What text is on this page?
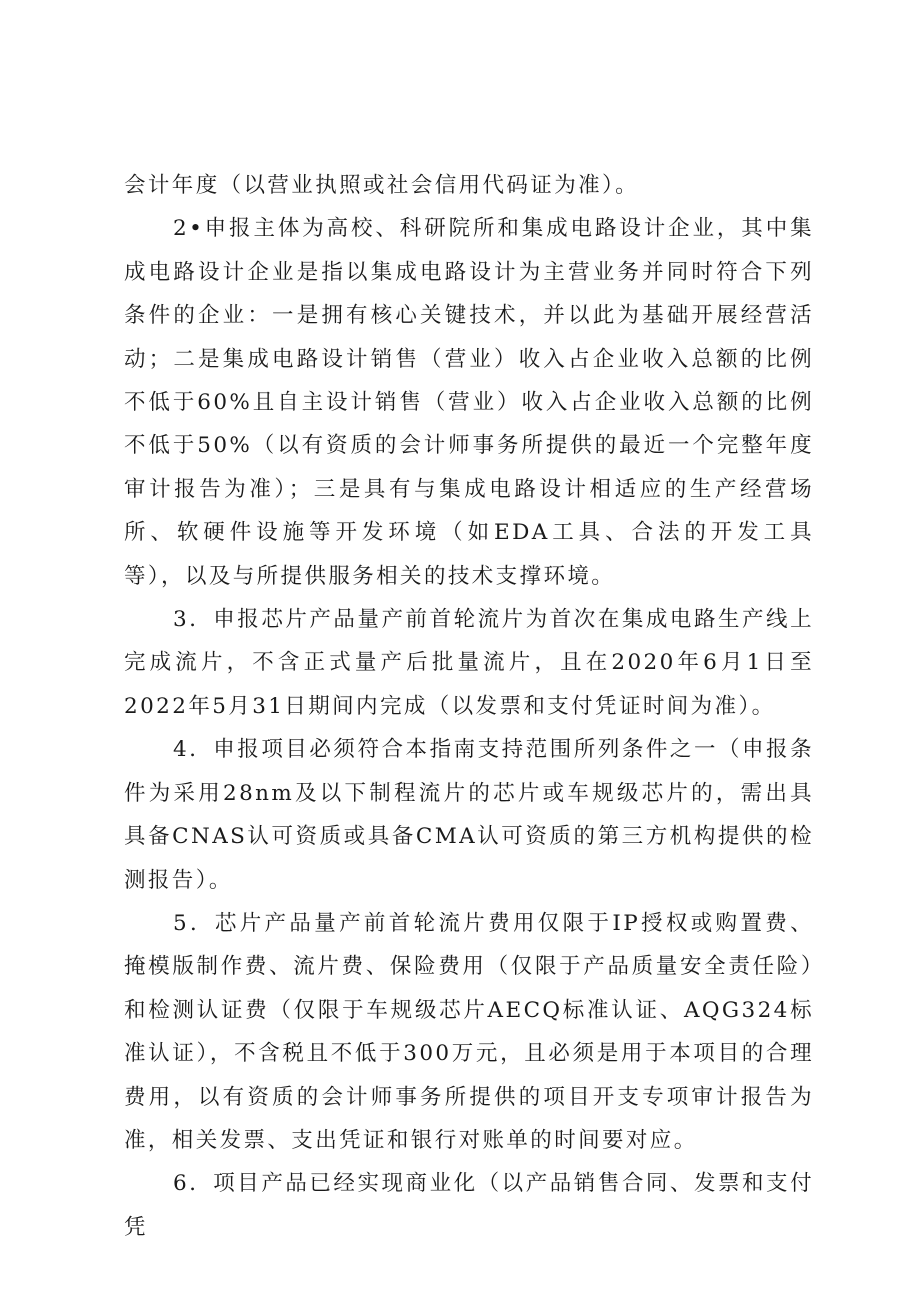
会计年度（以营业执照或社会信用代码证为准）。

2•申报主体为高校、科研院所和集成电路设计企业，其中集成电路设计企业是指以集成电路设计为主营业务并同时符合下列条件的企业：一是拥有核心关键技术，并以此为基础开展经营活动；二是集成电路设计销售（营业）收入占企业收入总额的比例不低于60%且自主设计销售（营业）收入占企业收入总额的比例不低于50%（以有资质的会计师事务所提供的最近一个完整年度审计报告为准）；三是具有与集成电路设计相适应的生产经营场所、软硬件设施等开发环境（如EDA工具、合法的开发工具等），以及与所提供服务相关的技术支撑环境。

3．申报芯片产品量产前首轮流片为首次在集成电路生产线上完成流片，不含正式量产后批量流片，且在2020年6月1日至2022年5月31日期间内完成（以发票和支付凭证时间为准）。

4．申报项目必须符合本指南支持范围所列条件之一（申报条件为采用28nm及以下制程流片的芯片或车规级芯片的，需出具具备CNAS认可资质或具备CMA认可资质的第三方机构提供的检测报告）。

5．芯片产品量产前首轮流片费用仅限于IP授权或购置费、掩模版制作费、流片费、保险费用（仅限于产品质量安全责任险）和检测认证费（仅限于车规级芯片AECQ标准认证、AQG324标准认证），不含税且不低于300万元，且必须是用于本项目的合理费用，以有资质的会计师事务所提供的项目开支专项审计报告为准，相关发票、支出凭证和银行对账单的时间要对应。

6．项目产品已经实现商业化（以产品销售合同、发票和支付凭
